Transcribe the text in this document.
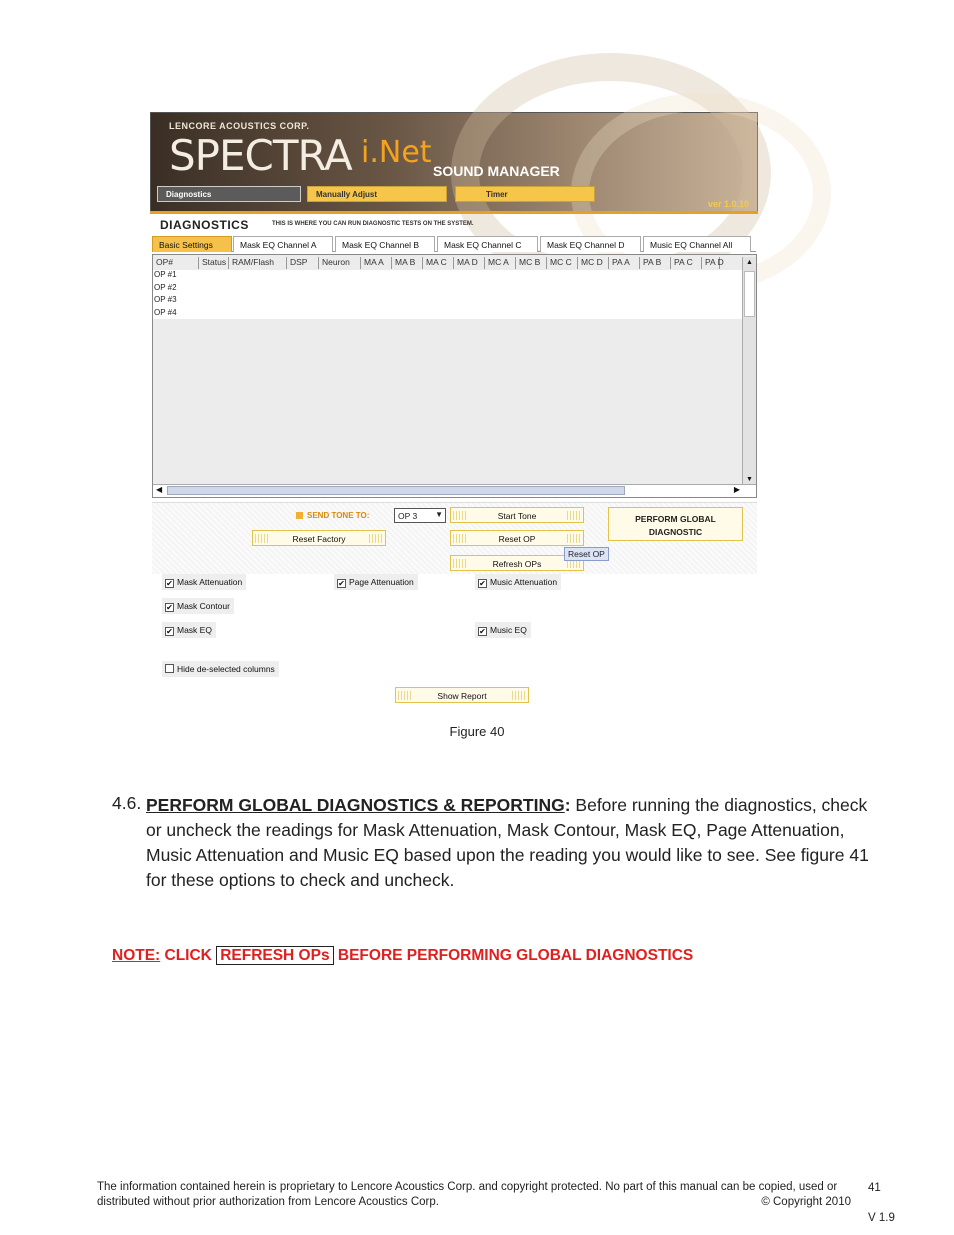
LENCORE ACOUSTICS CORP.
SPECTRA i.Net
SOUND MANAGER
Diagnostics	Manually Adjust	Timer
ver 1.0.10
DIAGNOSTICS	THIS IS WHERE YOU CAN RUN DIAGNOSTIC TESTS ON THE SYSTEM.
Basic Settings	Mask EQ Channel A	Mask EQ Channel B	Mask EQ Channel C	Mask EQ Channel D	Music EQ Channel All
OP#	Status RAM/Flash	DSP	Neuron	MA A	MA B	MA C	MA D	MC A	MC B	MC C	MC D	PA A	PA B	PA C	PA D
OP #1
OP #2
OP #3
OP #4
▲
▼
◀	▶
SEND TONE TO:	OP 3 ▼	Start Tone
Reset Factory	Reset OP
Refresh OPs
PERFORM GLOBAL DIAGNOSTIC
Reset OP
✔ Mask Attenuation	✔ Page Attenuation	✔ Music Attenuation
✔ Mask Contour
✔ Mask EQ	✔ Music EQ
Hide de-selected columns
Show Report
Figure 40
4.6. PERFORM GLOBAL DIAGNOSTICS & REPORTING: Before running the diagnostics, check or uncheck the readings for Mask Attenuation, Mask Contour, Mask EQ, Page Attenuation, Music Attenuation and Music EQ based upon the reading you would like to see. See figure 41 for these options to check and uncheck.
NOTE: CLICK REFRESH OPs BEFORE PERFORMING GLOBAL DIAGNOSTICS
The information contained herein is proprietary to Lencore Acoustics Corp. and copyright protected. No part of this manual can be copied, used or distributed without prior authorization from Lencore Acoustics Corp.	© Copyright 2010
41
V 1.9
